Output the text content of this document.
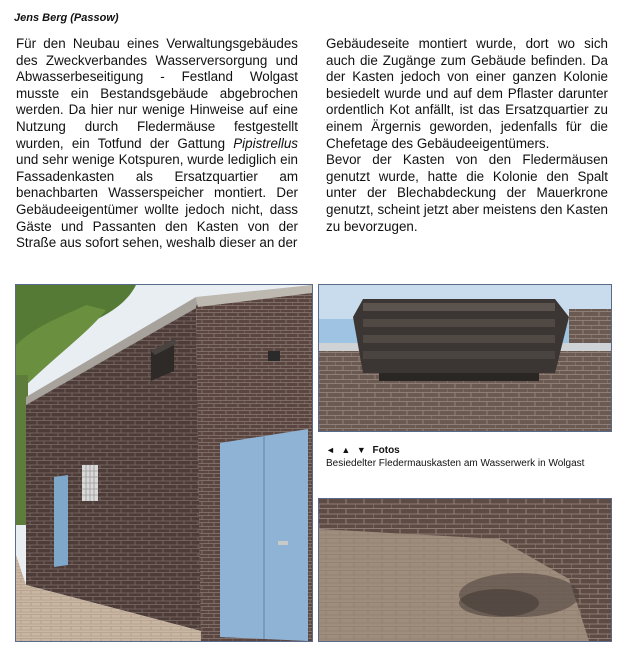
Jens Berg (Passow)

Für den Neubau eines Verwaltungsgebäudes des Zweckverbandes Wasserversorgung und Abwasserbeseitigung - Festland Wolgast musste ein Bestandsgebäude abgebrochen werden. Da hier nur wenige Hinweise auf eine Nutzung durch Fledermäuse festgestellt wurden, ein Totfund der Gattung Pipistrellus und sehr wenige Kotspuren, wurde lediglich ein Fassadenkasten als Ersatzquartier am benachbarten Wasserspeicher montiert. Der Gebäudeeigentümer wollte jedoch nicht, dass Gäste und Passanten den Kasten von der Straße aus sofort sehen, weshalb dieser an der

Gebäudeseite montiert wurde, dort wo sich auch die Zugänge zum Gebäude befinden. Da der Kasten jedoch von einer ganzen Kolonie besiedelt wurde und auf dem Pflaster darunter ordentlich Kot anfällt, ist das Ersatzquartier zu einem Ärgernis geworden, jedenfalls für die Chefetage des Gebäudeeigentümers.

Bevor der Kasten von den Fledermäusen genutzt wurde, hatte die Kolonie den Spalt unter der Blechabdeckung der Mauerkrone genutzt, scheint jetzt aber meistens den Kasten zu bevorzugen.

◄ ▲ ▼ Fotos
Besiedelter Fledermauskasten am Wasserwerk in Wolgast
